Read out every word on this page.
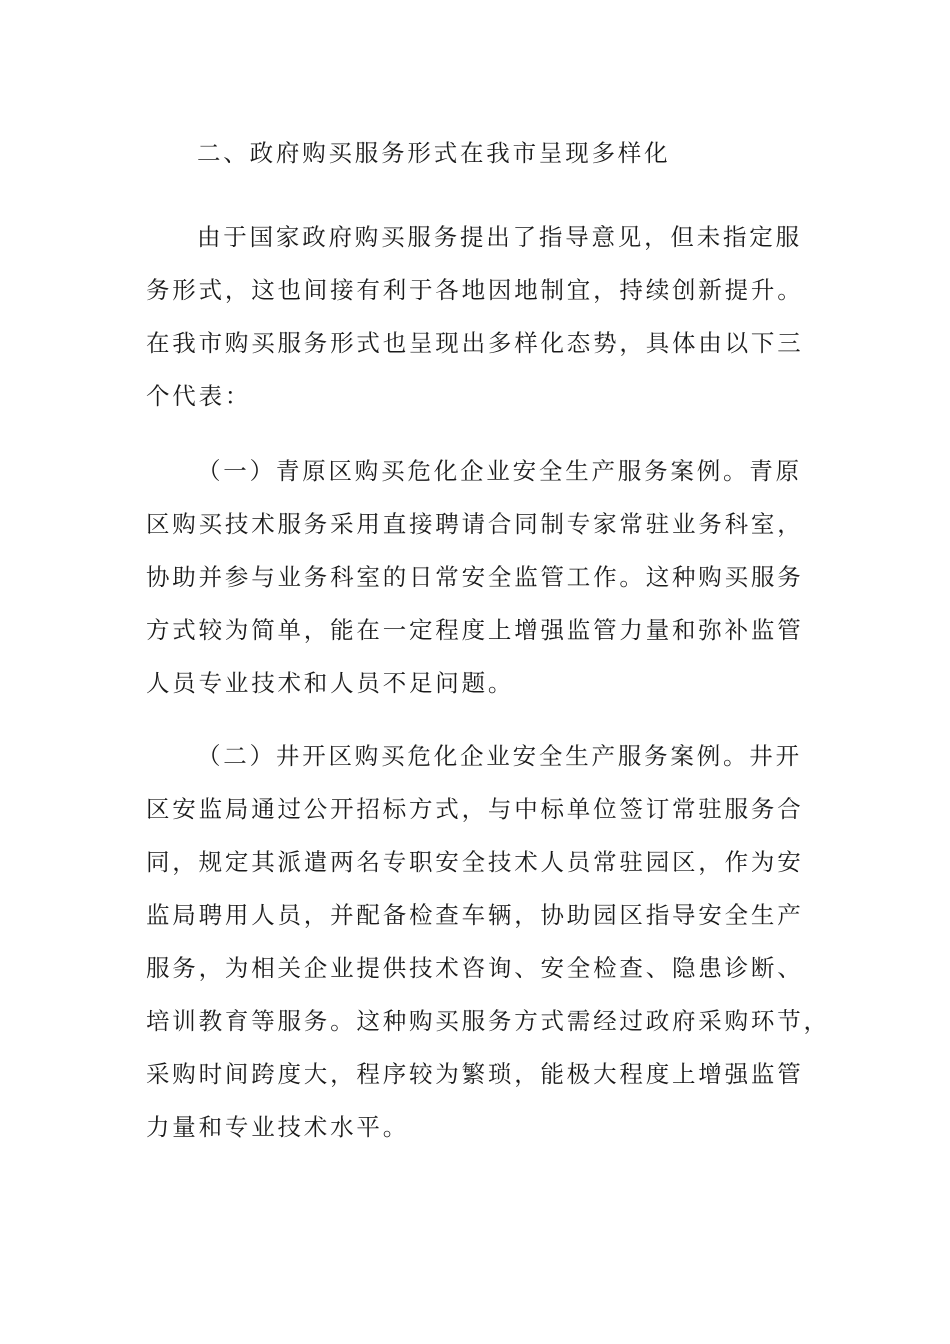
二、政府购买服务形式在我市呈现多样化
由于国家政府购买服务提出了指导意见，但未指定服
务形式，这也间接有利于各地因地制宜，持续创新提升。
在我市购买服务形式也呈现出多样化态势，具体由以下三
个代表：
（一）青原区购买危化企业安全生产服务案例。青原
区购买技术服务采用直接聘请合同制专家常驻业务科室，
协助并参与业务科室的日常安全监管工作。这种购买服务
方式较为简单，能在一定程度上增强监管力量和弥补监管
人员专业技术和人员不足问题。
（二）井开区购买危化企业安全生产服务案例。井开
区安监局通过公开招标方式，与中标单位签订常驻服务合
同，规定其派遣两名专职安全技术人员常驻园区，作为安
监局聘用人员，并配备检查车辆，协助园区指导安全生产
服务，为相关企业提供技术咨询、安全检查、隐患诊断、
培训教育等服务。这种购买服务方式需经过政府采购环节，
采购时间跨度大，程序较为繁琐，能极大程度上增强监管
力量和专业技术水平。
